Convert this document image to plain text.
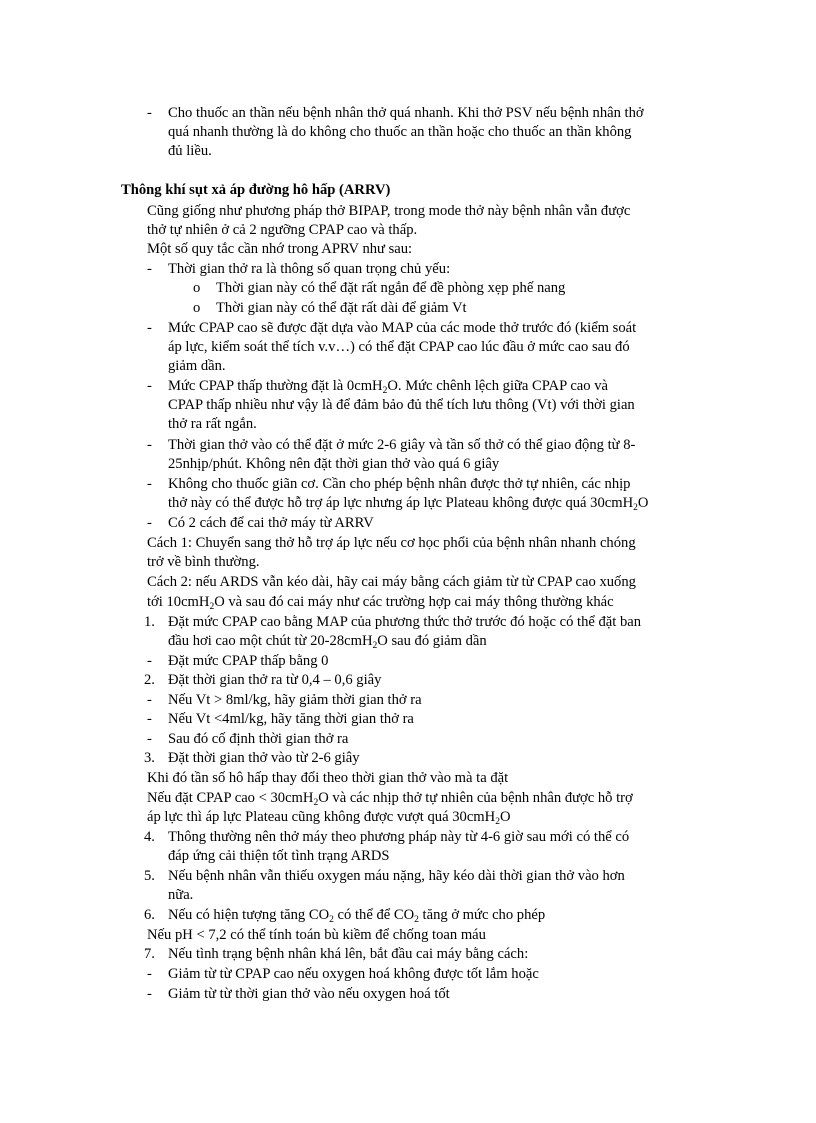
- Cho thuốc an thần nếu bệnh nhân thở quá nhanh. Khi thở PSV nếu bệnh nhân thở
quá nhanh thường là do không cho thuốc an thần hoặc cho thuốc an thần không
đủ liều.
Thông khí sụt xả áp đường hô hấp (ARRV)
Cũng giống như phương pháp thở BIPAP, trong mode thở này bệnh nhân vẫn được
thở tự nhiên ở cả 2 ngưỡng CPAP cao và thấp.
Một số quy tắc cần nhớ trong APRV như sau:
- Thời gian thở ra là thông số quan trọng chủ yếu:
o Thời gian này có thể đặt rất ngắn để đề phòng xẹp phế nang
o Thời gian này có thể đặt rất dài để giảm Vt
- Mức CPAP cao sẽ được đặt dựa vào MAP của các mode thở trước đó (kiểm soát
áp lực, kiểm soát thể tích v.v…) có thể đặt CPAP cao lúc đầu ở mức cao sau đó
giảm dần.
- Mức CPAP thấp thường đặt là 0cmH$_2$O. Mức chênh lệch giữa CPAP cao và
CPAP thấp nhiều như vậy là để đảm bảo đủ thể tích lưu thông (Vt) với thời gian
thở ra rất ngắn.
- Thời gian thở vào có thể đặt ở mức 2-6 giây và tần số thở có thể giao động từ 8-
25nhịp/phút. Không nên đặt thời gian thở vào quá 6 giây
- Không cho thuốc giãn cơ. Cần cho phép bệnh nhân được thở tự nhiên, các nhịp
thở này có thể được hỗ trợ áp lực nhưng áp lực Plateau không được quá 30cmH$_2$O
- Có 2 cách để cai thở máy từ ARRV
Cách 1: Chuyển sang thở hỗ trợ áp lực nếu cơ học phổi của bệnh nhân nhanh chóng
trở về bình thường.
Cách 2: nếu ARDS vẫn kéo dài, hãy cai máy bằng cách giảm từ từ CPAP cao xuống
tới 10cmH$_2$O và sau đó cai máy như các trường hợp cai máy thông thường khác
1. Đặt mức CPAP cao bằng MAP của phương thức thở trước đó hoặc có thể đặt ban
đầu hơi cao một chút từ 20-28cmH$_2$O sau đó giảm dần
- Đặt mức CPAP thấp bằng 0
2. Đặt thời gian thở ra từ 0,4 – 0,6 giây
- Nếu Vt > 8ml/kg, hãy giảm thời gian thở ra
- Nếu Vt <4ml/kg, hãy tăng thời gian thở ra
- Sau đó cố định thời gian thở ra
3. Đặt thời gian thở vào từ 2-6 giây
Khi đó tần số hô hấp thay đổi theo thời gian thở vào mà ta đặt
Nếu đặt CPAP cao < 30cmH$_2$O và các nhịp thở tự nhiên của bệnh nhân được hỗ trợ
áp lực thì áp lực Plateau cũng không được vượt quá 30cmH$_2$O
4. Thông thường nên thở máy theo phương pháp này từ 4-6 giờ sau mới có thể có
đáp ứng cải thiện tốt tình trạng ARDS
5. Nếu bệnh nhân vẫn thiếu oxygen máu nặng, hãy kéo dài thời gian thở vào hơn
nữa.
6. Nếu có hiện tượng tăng $CO_2$ có thể để $CO_2$ tăng ở mức cho phép
Nếu pH < 7,2 có thể tính toán bù kiềm để chống toan máu
7. Nếu tình trạng bệnh nhân khá lên, bắt đầu cai máy bằng cách:
- Giảm từ từ CPAP cao nếu oxygen hoá không được tốt lắm hoặc
- Giảm từ từ thời gian thở vào nếu oxygen hoá tốt
